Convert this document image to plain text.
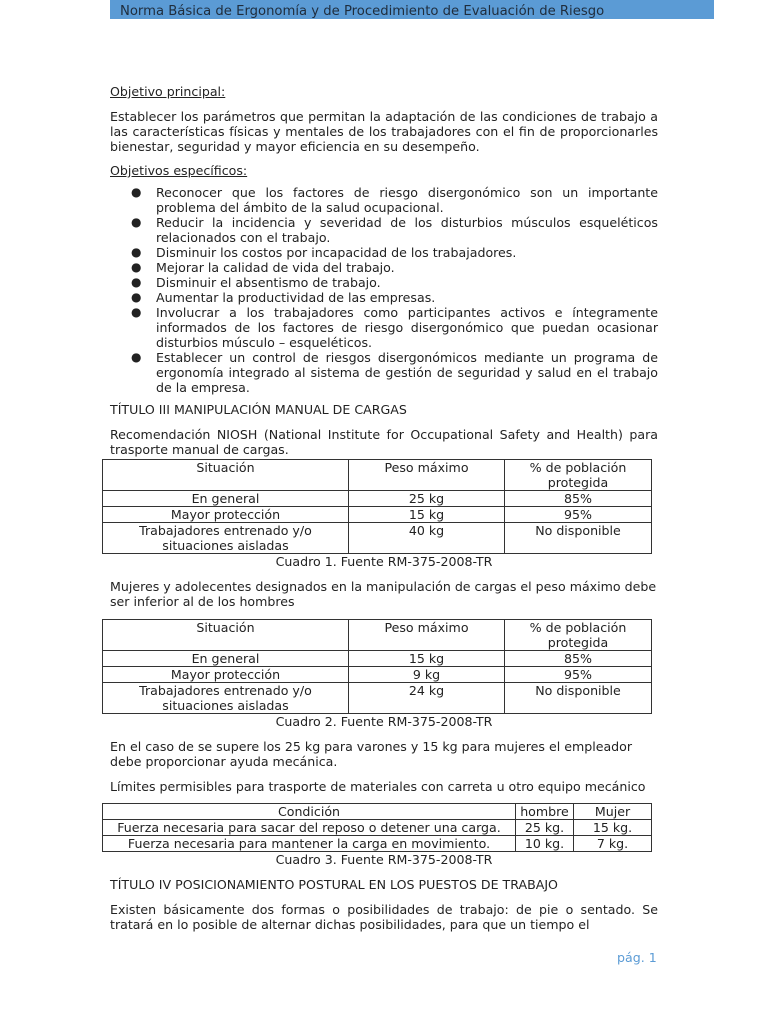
Norma Básica de Ergonomía y de Procedimiento de Evaluación de Riesgo

Objetivo principal:

Establecer los parámetros que permitan la adaptación de las condiciones de trabajo a las características físicas y mentales de los trabajadores con el fin de proporcionarles bienestar, seguridad y mayor eficiencia en su desempeño.

Objetivos específicos:

● Reconocer que los factores de riesgo disergonómico son un importante problema del ámbito de la salud ocupacional.
● Reducir la incidencia y severidad de los disturbios músculos esqueléticos relacionados con el trabajo.
● Disminuir los costos por incapacidad de los trabajadores.
● Mejorar la calidad de vida del trabajo.
● Disminuir el absentismo de trabajo.
● Aumentar la productividad de las empresas.
● Involucrar a los trabajadores como participantes activos e íntegramente informados de los factores de riesgo disergonómico que puedan ocasionar disturbios músculo – esqueléticos.
● Establecer un control de riesgos disergonómicos mediante un programa de ergonomía integrado al sistema de gestión de seguridad y salud en el trabajo de la empresa.

TÍTULO III MANIPULACIÓN MANUAL DE CARGAS

Recomendación NIOSH (National Institute for Occupational Safety and Health) para trasporte manual de cargas.

Situación	Peso máximo	% de población protegida
En general	25 kg	85%
Mayor protección	15 kg	95%
Trabajadores entrenado y/o situaciones aisladas	40 kg	No disponible

Cuadro 1. Fuente RM-375-2008-TR

Mujeres y adolecentes designados en la manipulación de cargas el peso máximo debe ser inferior al de los hombres

Situación	Peso máximo	% de población protegida
En general	15 kg	85%
Mayor protección	9 kg	95%
Trabajadores entrenado y/o situaciones aisladas	24 kg	No disponible

Cuadro 2. Fuente RM-375-2008-TR

En el caso de se supere los 25 kg para varones y 15 kg para mujeres el empleador debe proporcionar ayuda mecánica.

Límites permisibles para trasporte de materiales con carreta u otro equipo mecánico

Condición	hombre	Mujer
Fuerza necesaria para sacar del reposo o detener una carga.	25 kg.	15 kg.
Fuerza necesaria para mantener la carga en movimiento.	10 kg.	7 kg.

Cuadro 3. Fuente RM-375-2008-TR

TÍTULO IV POSICIONAMIENTO POSTURAL EN LOS PUESTOS DE TRABAJO

Existen básicamente dos formas o posibilidades de trabajo: de pie o sentado. Se tratará en lo posible de alternar dichas posibilidades, para que un tiempo el

pág. 1
